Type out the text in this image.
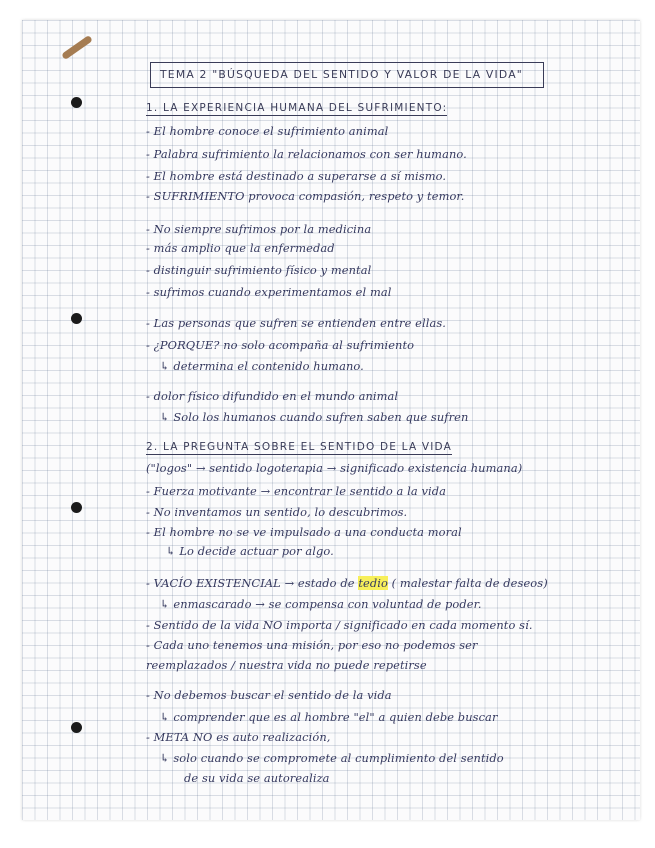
TEMA 2 "BÚSQUEDA DEL SENTIDO Y VALOR DE LA VIDA"
1. LA EXPERIENCIA HUMANA DEL SUFRIMIENTO:
- El hombre conoce el sufrimiento animal
- Palabra sufrimiento la relacionamos con ser humano.
- El hombre está destinado a superarse a sí mismo.
- SUFRIMIENTO provoca compasión, respeto y temor.
- No siempre sufrimos por la medicina
- más amplio que la enfermedad
- distinguir sufrimiento físico y mental
- sufrimos cuando experimentamos el mal
- Las personas que sufren se entienden entre ellas.
- ¿PORQUE? no solo acompaña al sufrimiento
↳ determina el contenido humano.
- dolor físico difundido en el mundo animal
↳ Solo los humanos cuando sufren saben que sufren
2. LA PREGUNTA SOBRE EL SENTIDO DE LA VIDA
("logos" → sentido logoterapia → significado existencia humana)
- Fuerza motivante → encontrar le sentido a la vida
- No inventamos un sentido, lo descubrimos.
- El hombre no se ve impulsado a una conducta moral
↳ Lo decide actuar por algo.
- VACÍO EXISTENCIAL → estado de tedio ( malestar falta de deseos)
↳ enmascarado → se compensa con voluntad de poder.
- Sentido de la vida NO importa / significado en cada momento sí.
- Cada uno tenemos una misión, por eso no podemos ser
reemplazados / nuestra vida no puede repetirse
- No debemos buscar el sentido de la vida
↳ comprender que es al hombre "el" a quien debe buscar
- META NO es auto realización,
↳ solo cuando se compromete al cumplimiento del sentido
de su vida se autorealiza
